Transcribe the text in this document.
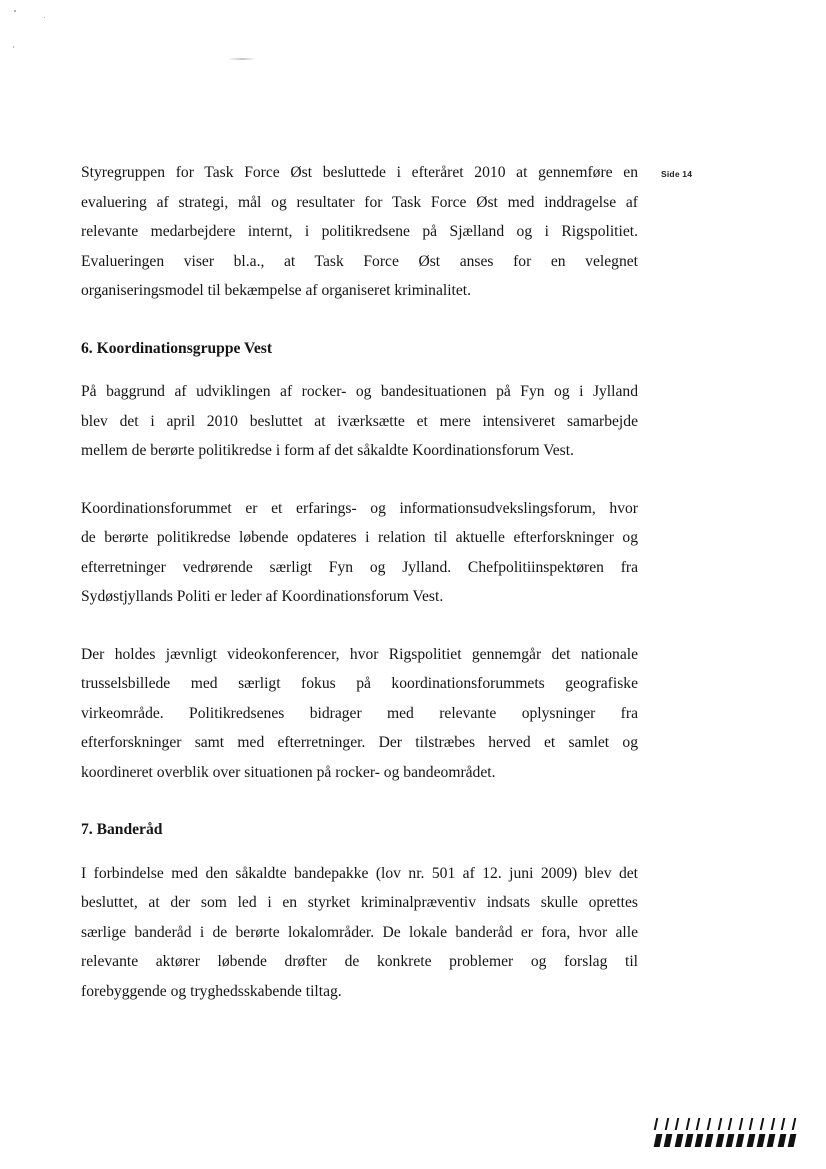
Side 14

Styregruppen for Task Force Øst besluttede i efteråret 2010 at gennemføre en
evaluering af strategi, mål og resultater for Task Force Øst med inddragelse af
relevante medarbejdere internt, i politikredsene på Sjælland og i Rigspolitiet.
Evalueringen viser bl.a., at Task Force Øst anses for en velegnet
organiseringsmodel til bekæmpelse af organiseret kriminalitet.

6. Koordinationsgruppe Vest

På baggrund af udviklingen af rocker- og bandesituationen på Fyn og i Jylland
blev det i april 2010 besluttet at iværksætte et mere intensiveret samarbejde
mellem de berørte politikredse i form af det såkaldte Koordinationsforum Vest.

Koordinationsforummet er et erfarings- og informationsudvekslingsforum, hvor
de berørte politikredse løbende opdateres i relation til aktuelle efterforskninger og
efterretninger vedrørende særligt Fyn og Jylland. Chefpolitiinspektøren fra
Sydøstjyllands Politi er leder af Koordinationsforum Vest.

Der holdes jævnligt videokonferencer, hvor Rigspolitiet gennemgår det nationale
trusselsbillede med særligt fokus på koordinationsforummets geografiske
virkeområde. Politikredsenes bidrager med relevante oplysninger fra
efterforskninger samt med efterretninger. Der tilstræbes herved et samlet og
koordineret overblik over situationen på rocker- og bandeområdet.

7. Banderåd

I forbindelse med den såkaldte bandepakke (lov nr. 501 af 12. juni 2009) blev det
besluttet, at der som led i en styrket kriminalpræventiv indsats skulle oprettes
særlige banderåd i de berørte lokalområder. De lokale banderåd er fora, hvor alle
relevante aktører løbende drøfter de konkrete problemer og forslag til
forebyggende og tryghedsskabende tiltag.
